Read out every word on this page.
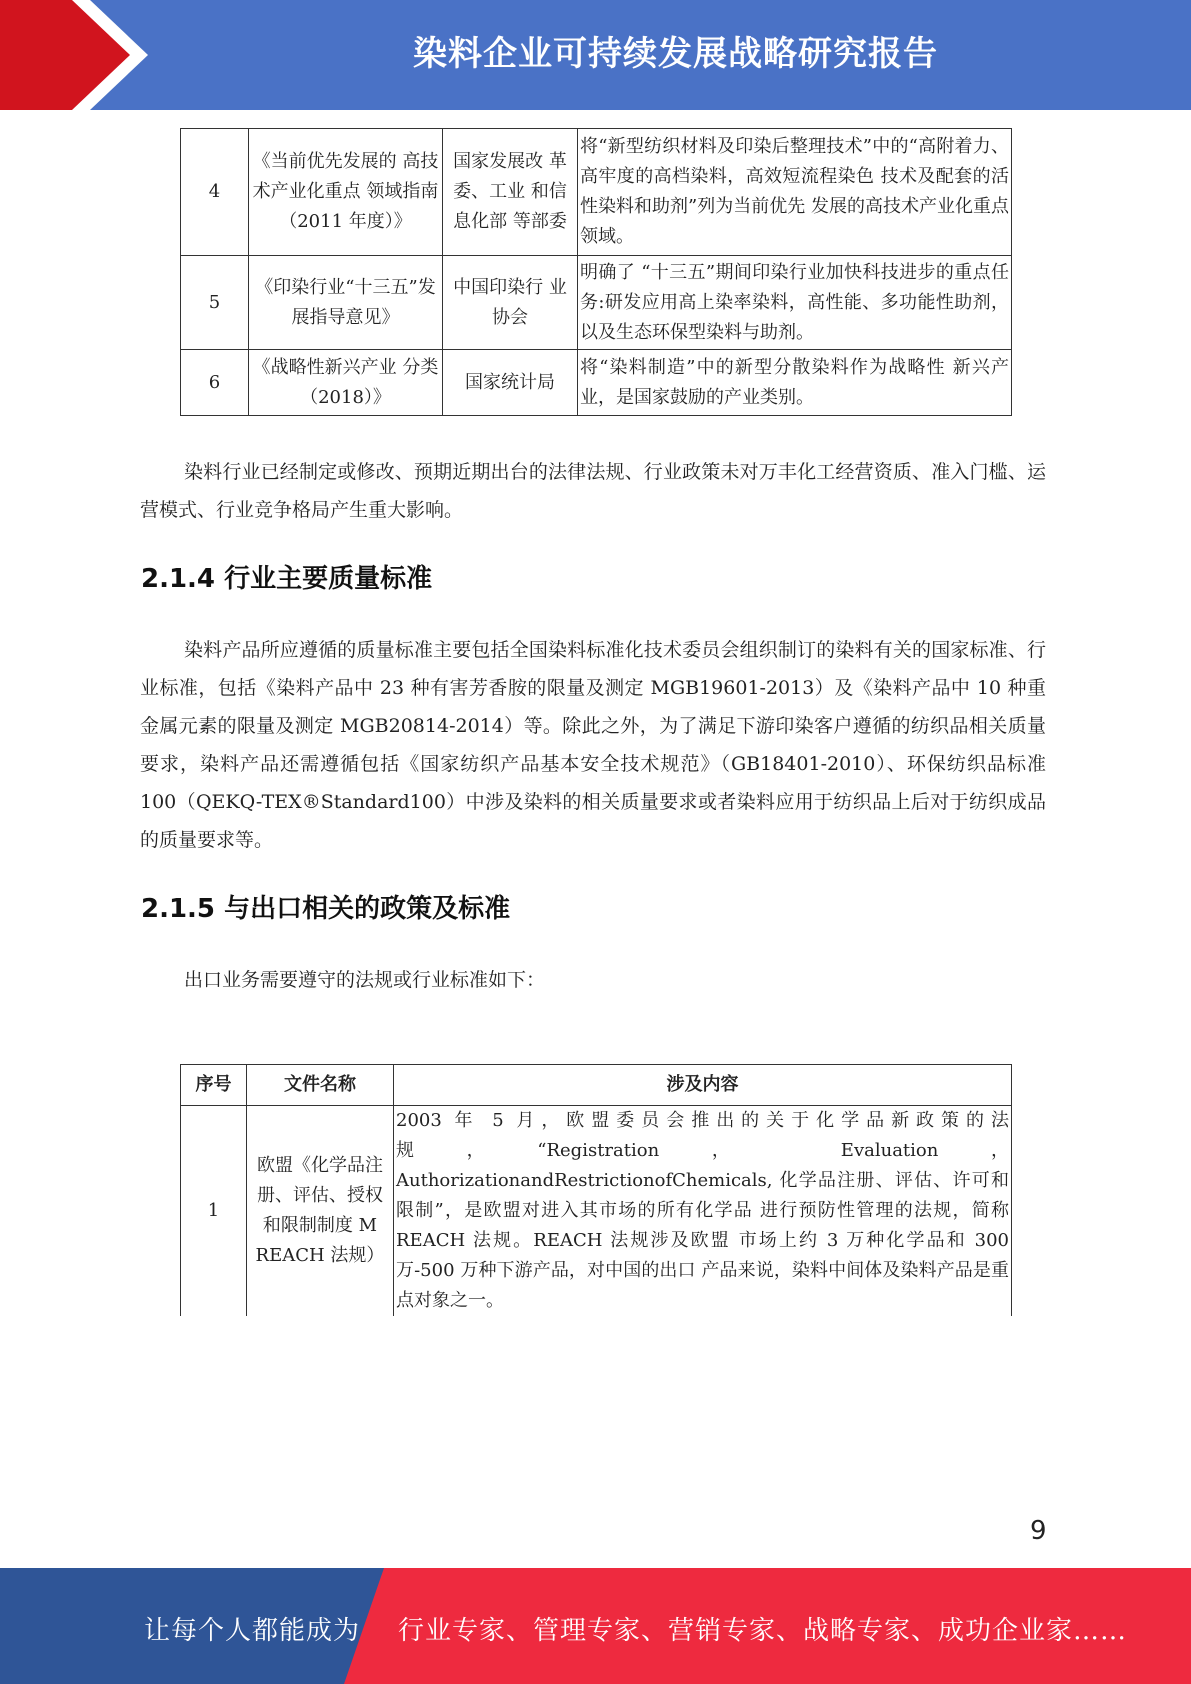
染料企业可持续发展战略研究报告
4	《当前优先发展的 高技术产业化重点 领域指南（2011 年度）》	国家发展改 革委、工业 和信息化部 等部委	将“新型纺织材料及印染后整理技术”中的“高附着力、高牢度的高档染料，高效短流程染色 技术及配套的活性染料和助剂”列为当前优先 发展的高技术产业化重点领域。
5	《印染行业“十三五”发展指导意见》	中国印染行 业协会	明确了 “十三五”期间印染行业加快科技进步的重点任务:研发应用高上染率染料，高性能、多功能性助剂，以及生态环保型染料与助剂。
6	《战略性新兴产业 分类（2018）》	国家统计局	将“染料制造”中的新型分散染料作为战略性 新兴产业，是国家鼓励的产业类别。
染料行业已经制定或修改、预期近期出台的法律法规、行业政策未对万丰化工经营资质、准入门槛、运营模式、行业竞争格局产生重大影响。
2.1.4 行业主要质量标准
染料产品所应遵循的质量标准主要包括全国染料标准化技术委员会组织制订的染料有关的国家标准、行业标准，包括《染料产品中 23 种有害芳香胺的限量及测定 MGB19601-2013）及《染料产品中 10 种重金属元素的限量及测定 MGB20814-2014）等。除此之外，为了满足下游印染客户遵循的纺织品相关质量要求，染料产品还需遵循包括《国家纺织产品基本安全技术规范》（GB18401-2010）、环保纺织品标准 100（QEKQ-TEX®Standard100）中涉及染料的相关质量要求或者染料应用于纺织品上后对于纺织成品的质量要求等。
2.1.5 与出口相关的政策及标准
出口业务需要遵守的法规或行业标准如下：
序号	文件名称	涉及内容
1	欧盟《化学品注册、评估、授权和限制制度 M REACH 法规）	2003 年 5 月，欧盟委员会推出的关于化学品新政策的法规，“Registration， Evaluation， AuthorizationandRestrictionofChemicals, 化学品注册、评估、许可和限制”，是欧盟对进入其市场的所有化学品 进行预防性管理的法规，简称 REACH 法规。REACH 法规涉及欧盟 市场上约 3 万种化学品和 300 万-500 万种下游产品，对中国的出口 产品来说，染料中间体及染料产品是重点对象之一。
9
让每个人都能成为 行业专家、管理专家、营销专家、战略专家、成功企业家……
